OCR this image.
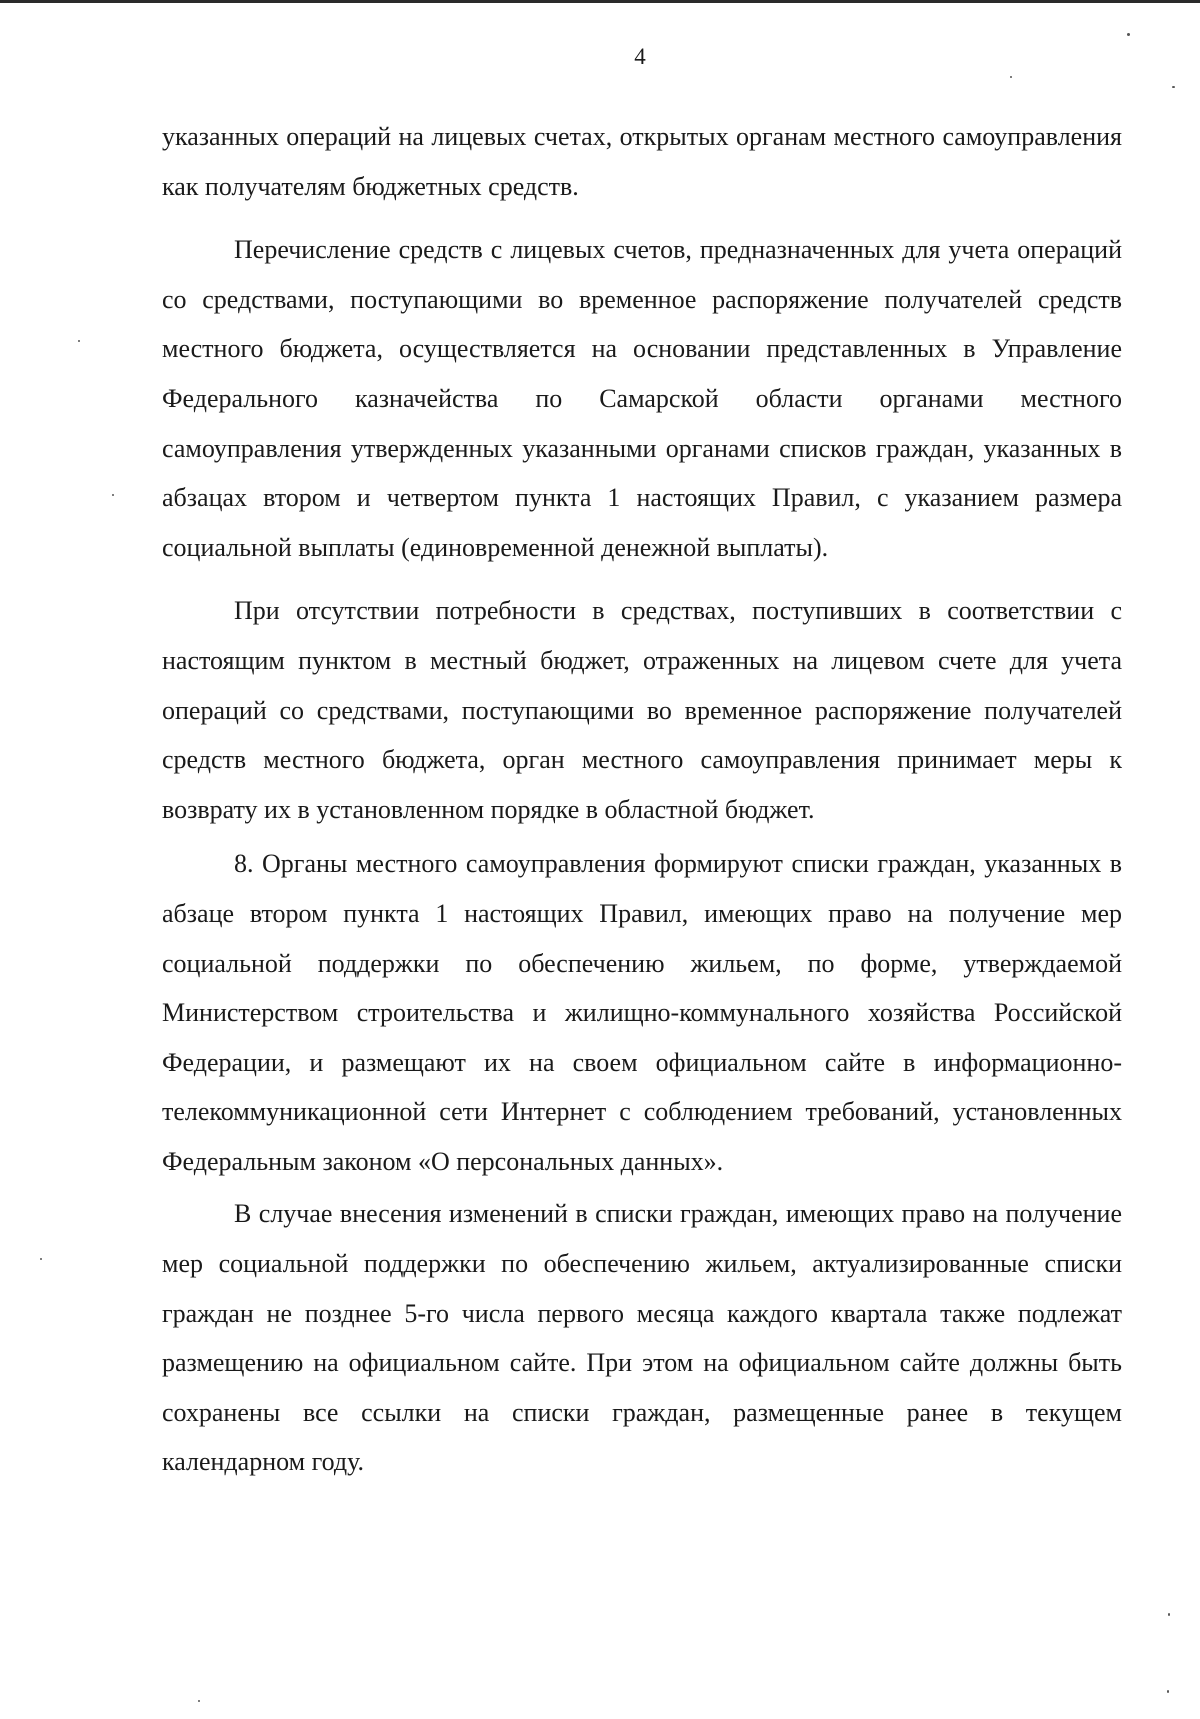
4

указанных операций на лицевых счетах, открытых органам местного самоуправления как получателям бюджетных средств.

Перечисление средств с лицевых счетов, предназначенных для учета операций со средствами, поступающими во временное распоряжение получателей средств местного бюджета, осуществляется на основании представленных в Управление Федерального казначейства по Самарской области органами местного самоуправления утвержденных указанными органами списков граждан, указанных в абзацах втором и четвертом пункта 1 настоящих Правил, с указанием размера социальной выплаты (единовременной денежной выплаты).

При отсутствии потребности в средствах, поступивших в соответствии с настоящим пунктом в местный бюджет, отраженных на лицевом счете для учета операций со средствами, поступающими во временное распоряжение получателей средств местного бюджета, орган местного самоуправления принимает меры к возврату их в установленном порядке в областной бюджет.

8. Органы местного самоуправления формируют списки граждан, указанных в абзаце втором пункта 1 настоящих Правил, имеющих право на получение мер социальной поддержки по обеспечению жильем, по форме, утверждаемой Министерством строительства и жилищно-коммунального хозяйства Российской Федерации, и размещают их на своем официальном сайте в информационно-телекоммуникационной сети Интернет с соблюдением требований, установленных Федеральным законом «О персональных данных».

В случае внесения изменений в списки граждан, имеющих право на получение мер социальной поддержки по обеспечению жильем, актуализированные списки граждан не позднее 5-го числа первого месяца каждого квартала также подлежат размещению на официальном сайте. При этом на официальном сайте должны быть сохранены все ссылки на списки граждан, размещенные ранее в текущем календарном году.
